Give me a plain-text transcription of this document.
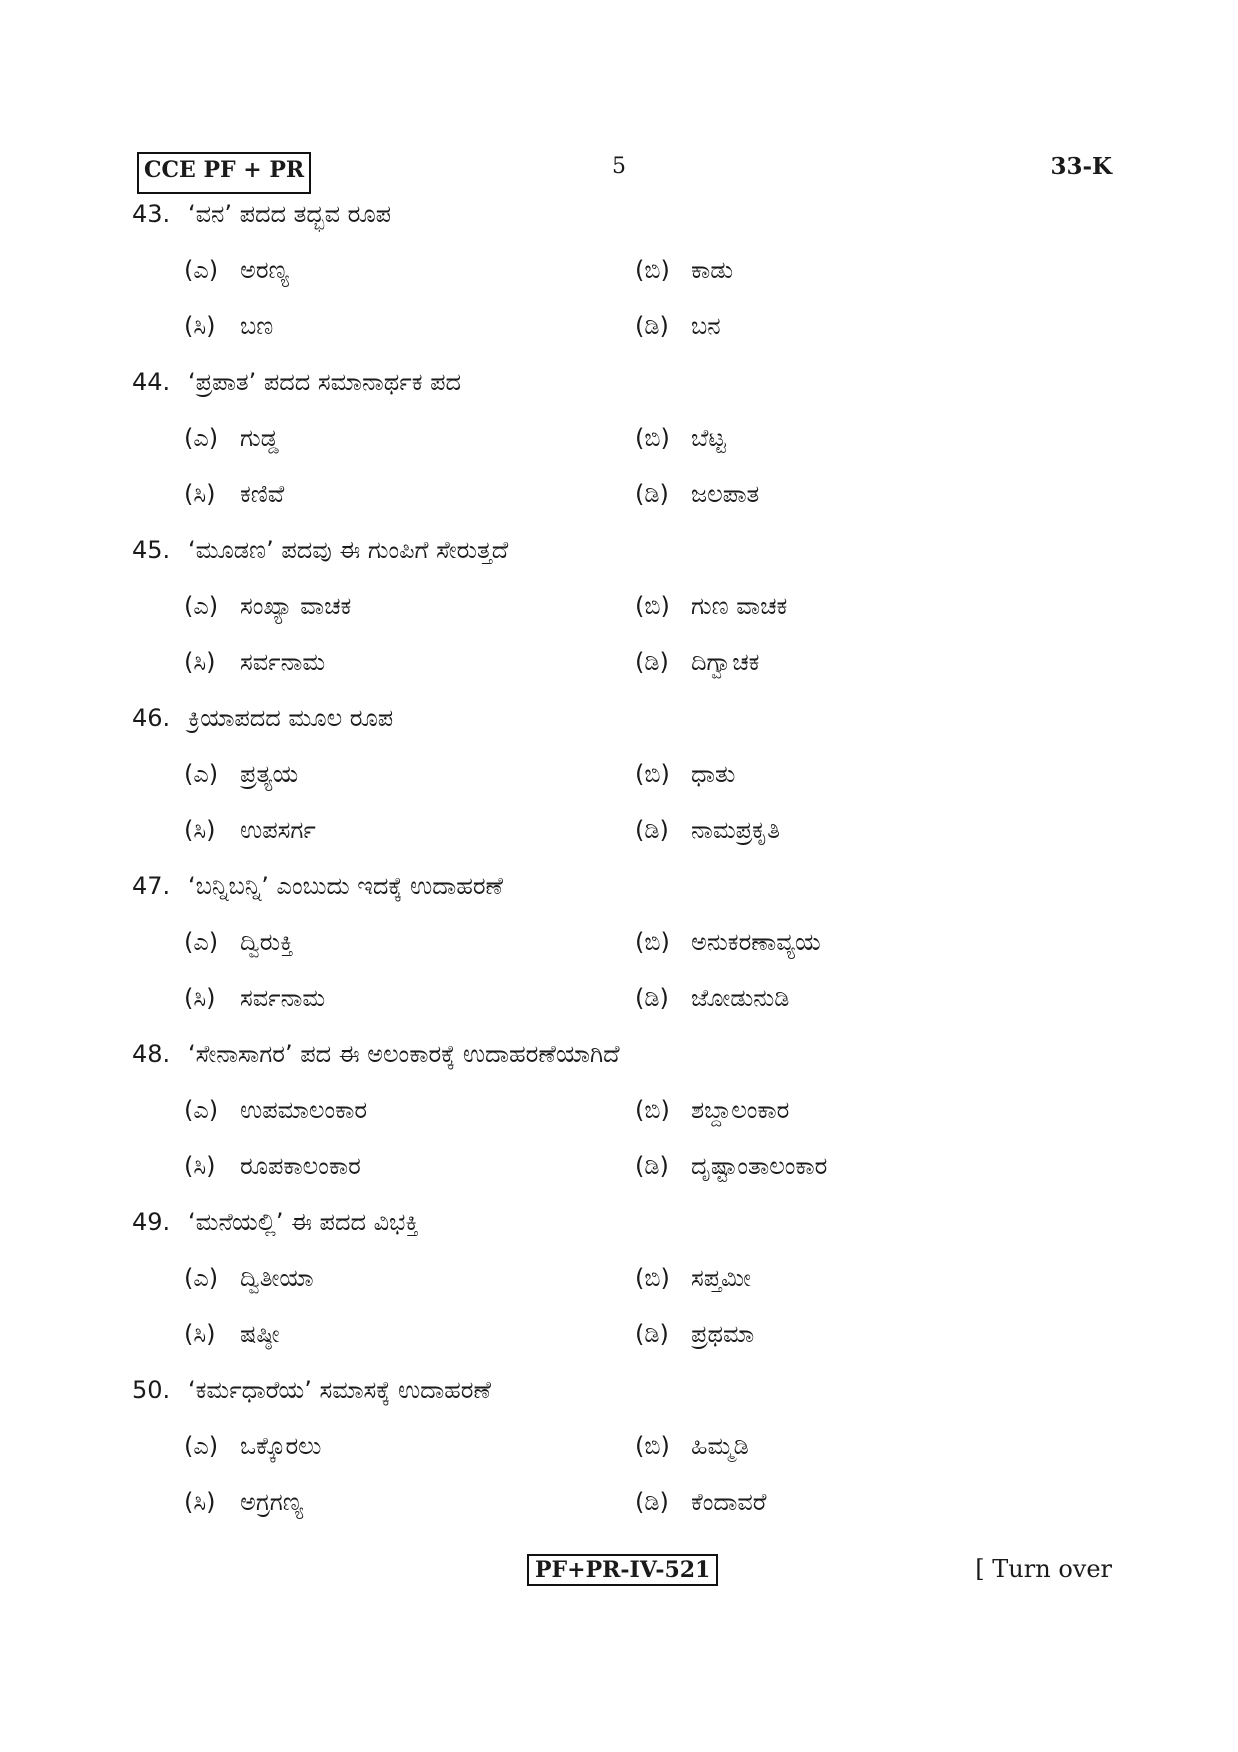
CCE PF + PR	5	33-K
43. ‘ವನ’ ಪದದ ತದ್ಭವ ರೂಪ
(ಎ) ಅರಣ್ಯ	(ಬಿ) ಕಾಡು
(ಸಿ) ಬಣ	(ಡಿ) ಬನ
44. ‘ಪ್ರಪಾತ’ ಪದದ ಸಮಾನಾರ್ಥಕ ಪದ
(ಎ) ಗುಡ್ಡ	(ಬಿ) ಬೆಟ್ಟ
(ಸಿ) ಕಣಿವೆ	(ಡಿ) ಜಲಪಾತ
45. ‘ಮೂಡಣ’ ಪದವು ಈ ಗುಂಪಿಗೆ ಸೇರುತ್ತದೆ
(ಎ) ಸಂಖ್ಯಾ ವಾಚಕ	(ಬಿ) ಗುಣ ವಾಚಕ
(ಸಿ) ಸರ್ವನಾಮ	(ಡಿ) ದಿಗ್ವಾಚಕ
46. ಕ್ರಿಯಾಪದದ ಮೂಲ ರೂಪ
(ಎ) ಪ್ರತ್ಯಯ	(ಬಿ) ಧಾತು
(ಸಿ) ಉಪಸರ್ಗ	(ಡಿ) ನಾಮಪ್ರಕೃತಿ
47. ‘ಬನ್ನಿಬನ್ನಿ’ ಎಂಬುದು ಇದಕ್ಕೆ ಉದಾಹರಣೆ
(ಎ) ದ್ವಿರುಕ್ತಿ	(ಬಿ) ಅನುಕರಣಾವ್ಯಯ
(ಸಿ) ಸರ್ವನಾಮ	(ಡಿ) ಜೋಡುನುಡಿ
48. ‘ಸೇನಾಸಾಗರ’ ಪದ ಈ ಅಲಂಕಾರಕ್ಕೆ ಉದಾಹರಣೆಯಾಗಿದೆ
(ಎ) ಉಪಮಾಲಂಕಾರ	(ಬಿ) ಶಬ್ದಾಲಂಕಾರ
(ಸಿ) ರೂಪಕಾಲಂಕಾರ	(ಡಿ) ದೃಷ್ಟಾಂತಾಲಂಕಾರ
49. ‘ಮನೆಯಲ್ಲಿ’ ಈ ಪದದ ವಿಭಕ್ತಿ
(ಎ) ದ್ವಿತೀಯಾ	(ಬಿ) ಸಪ್ತಮೀ
(ಸಿ) ಷಷ್ಠೀ	(ಡಿ) ಪ್ರಥಮಾ
50. ‘ಕರ್ಮಧಾರೆಯ’ ಸಮಾಸಕ್ಕೆ ಉದಾಹರಣೆ
(ಎ) ಒಕ್ಕೊರಲು	(ಬಿ) ಹಿಮ್ಮಡಿ
(ಸಿ) ಅಗ್ರಗಣ್ಯ	(ಡಿ) ಕೆಂದಾವರೆ
PF+PR-IV-521	[ Turn over
